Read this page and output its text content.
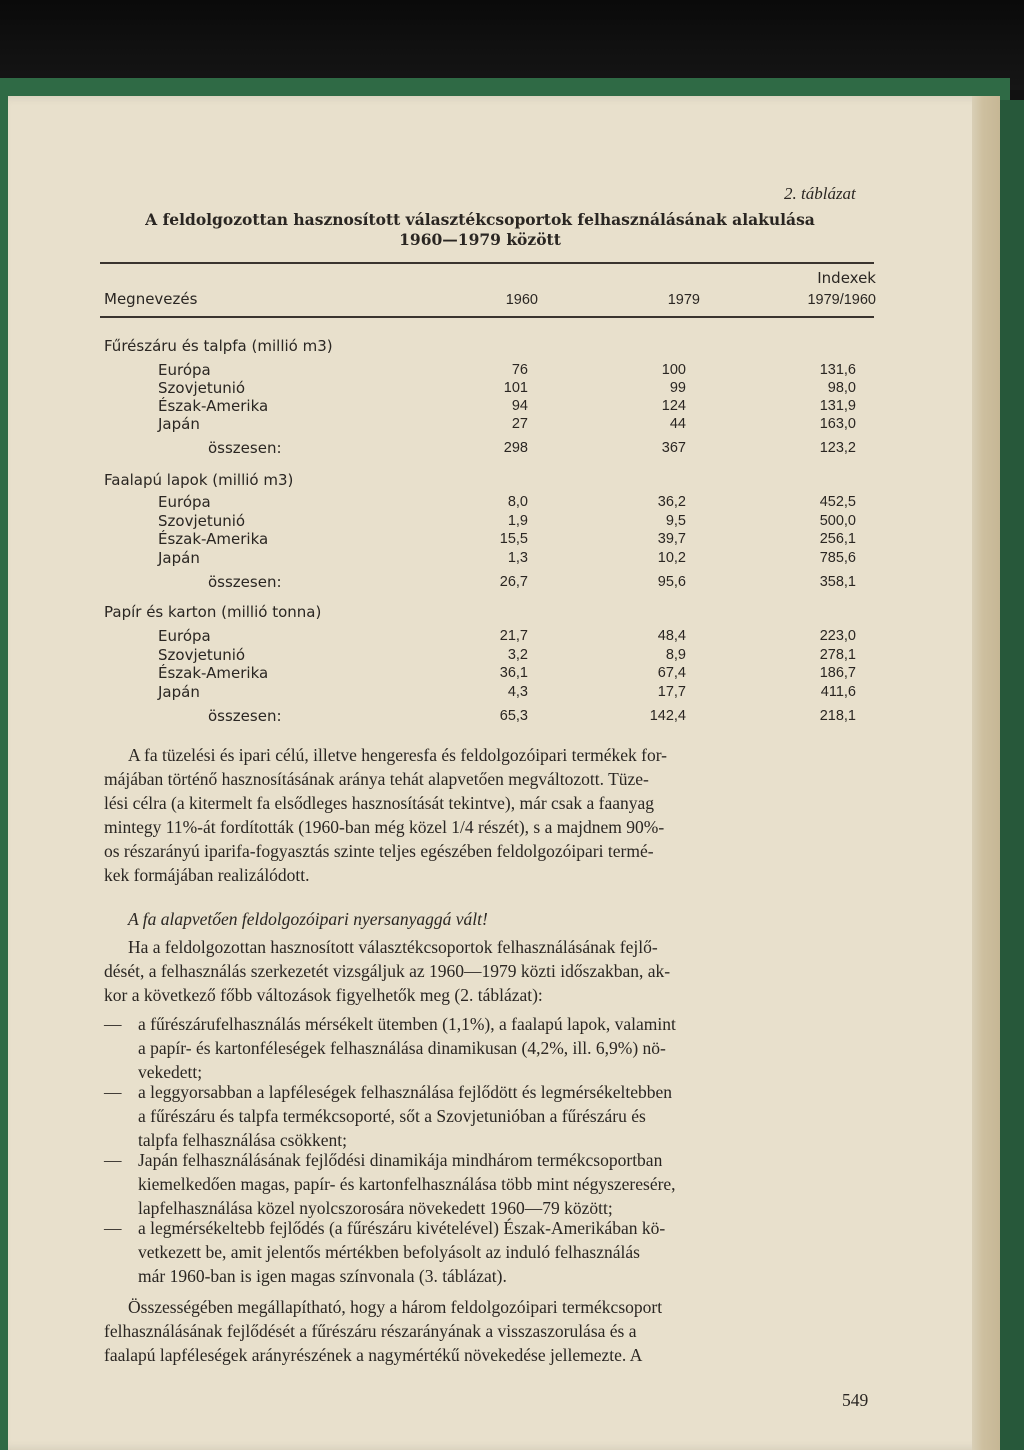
2. táblázat
A feldolgozottan hasznosított választékcsoportok felhasználásának alakulása
1960—1979 között
Indexek
Megnevezés	1960	1979	1979/1960
Fűrészáru és talpfa (millió m3)
Európa	76	100	131,6
Szovjetunió	101	99	98,0
Észak-Amerika	94	124	131,9
Japán	27	44	163,0
összesen:	298	367	123,2
Faalapú lapok (millió m3)
Európa	8,0	36,2	452,5
Szovjetunió	1,9	9,5	500,0
Észak-Amerika	15,5	39,7	256,1
Japán	1,3	10,2	785,6
összesen:	26,7	95,6	358,1
Papír és karton (millió tonna)
Európa	21,7	48,4	223,0
Szovjetunió	3,2	8,9	278,1
Észak-Amerika	36,1	67,4	186,7
Japán	4,3	17,7	411,6
összesen:	65,3	142,4	218,1
A fa tüzelési és ipari célú, illetve hengeresfa és feldolgozóipari termékek for-
májában történő hasznosításának aránya tehát alapvetően megváltozott. Tüze-
lési célra (a kitermelt fa elsődleges hasznosítását tekintve), már csak a faanyag
mintegy 11%-át fordították (1960-ban még közel 1/4 részét), s a majdnem 90%-
os részarányú iparifa-fogyasztás szinte teljes egészében feldolgozóipari termé-
kek formájában realizálódott.
A fa alapvetően feldolgozóipari nyersanyaggá vált!
Ha a feldolgozottan hasznosított választékcsoportok felhasználásának fejlő-
dését, a felhasználás szerkezetét vizsgáljuk az 1960—1979 közti időszakban, ak-
kor a következő főbb változások figyelhetők meg (2. táblázat):
— a fűrészárufelhasználás mérsékelt ütemben (1,1%), a faalapú lapok, valamint
a papír- és kartonféleségek felhasználása dinamikusan (4,2%, ill. 6,9%) nö-
vekedett;
— a leggyorsabban a lapféleségek felhasználása fejlődött és legmérsékeltebben
a fűrészáru és talpfa termékcsoporté, sőt a Szovjetunióban a fűrészáru és
talpfa felhasználása csökkent;
— Japán felhasználásának fejlődési dinamikája mindhárom termékcsoportban
kiemelkedően magas, papír- és kartonfelhasználása több mint négyszeresére,
lapfelhasználása közel nyolcszorosára növekedett 1960—79 között;
— a legmérsékeltebb fejlődés (a fűrészáru kivételével) Észak-Amerikában kö-
vetkezett be, amit jelentős mértékben befolyásolt az induló felhasználás
már 1960-ban is igen magas színvonala (3. táblázat).
Összességében megállapítható, hogy a három feldolgozóipari termékcsoport
felhasználásának fejlődését a fűrészáru részarányának a visszaszorulása és a
faalapú lapféleségek arányrészének a nagymértékű növekedése jellemezte. A
549
